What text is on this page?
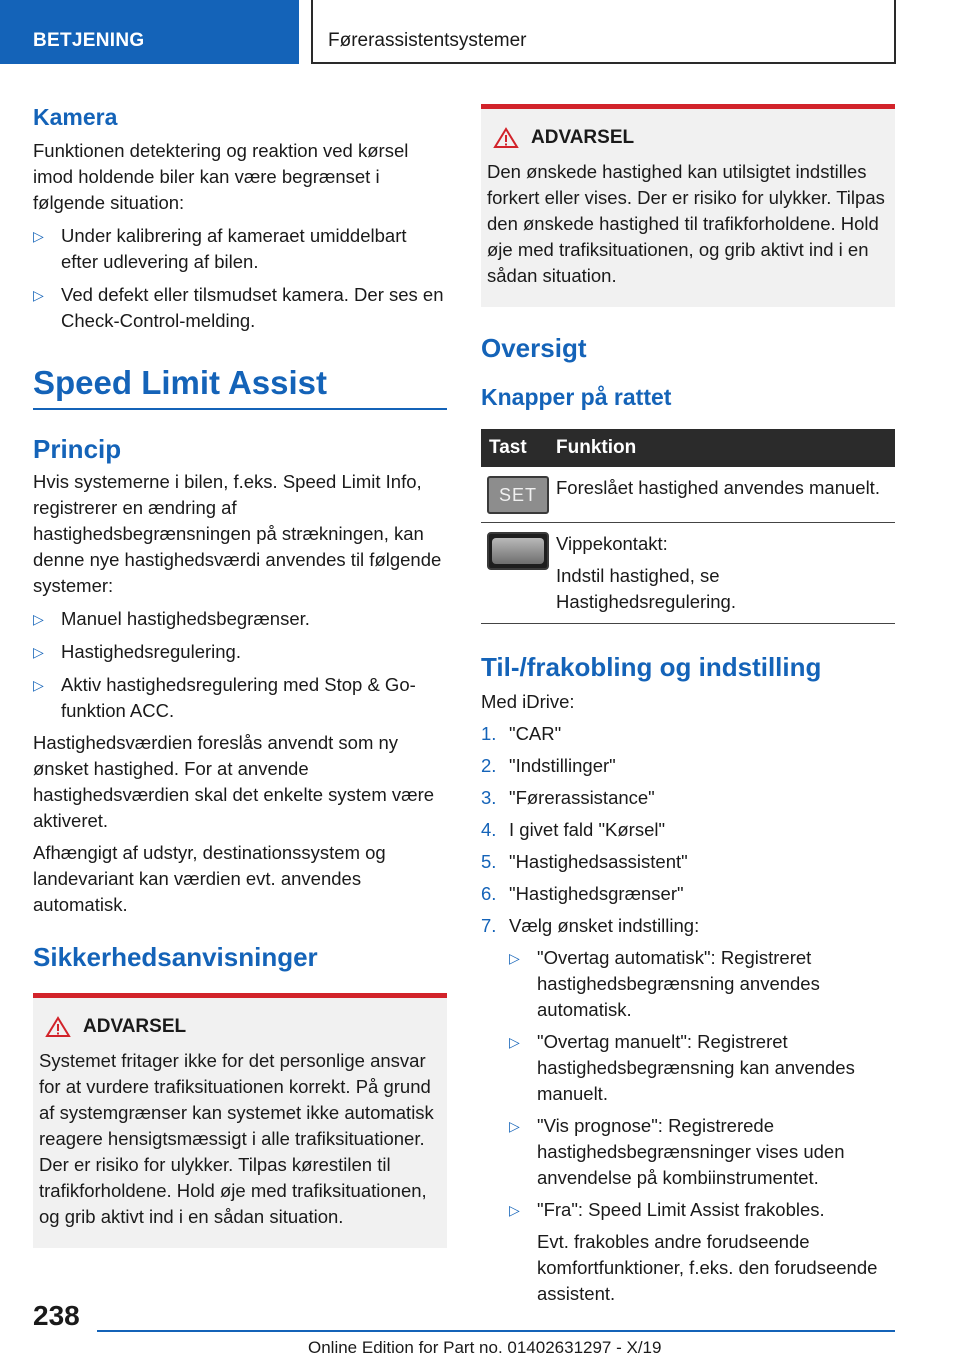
BETJENING	Førerassistentsystemer
Kamera
Funktionen detektering og reaktion ved kørsel imod holdende biler kan være begrænset i følgende situation:
▷ Under kalibrering af kameraet umiddelbart efter udlevering af bilen.
▷ Ved defekt eller tilsmudset kamera. Der ses en Check-Control-melding.
Speed Limit Assist
Princip
Hvis systemerne i bilen, f.eks. Speed Limit Info, registrerer en ændring af hastighedsbegrænsningen på strækningen, kan denne nye hastighedsværdi anvendes til følgende systemer:
▷ Manuel hastighedsbegrænser.
▷ Hastighedsregulering.
▷ Aktiv hastighedsregulering med Stop & Go-funktion ACC.
Hastighedsværdien foreslås anvendt som ny ønsket hastighed. For at anvende hastighedsværdien skal det enkelte system være aktiveret.
Afhængigt af udstyr, destinationssystem og landevariant kan værdien evt. anvendes automatisk.
Sikkerhedsanvisninger
ADVARSEL
Systemet fritager ikke for det personlige ansvar for at vurdere trafiksituationen korrekt. På grund af systemgrænser kan systemet ikke automatisk reagere hensigtsmæssigt i alle trafiksituationer. Der er risiko for ulykker. Tilpas kørestilen til trafikforholdene. Hold øje med trafiksituationen, og grib aktivt ind i en sådan situation.
ADVARSEL
Den ønskede hastighed kan utilsigtet indstilles forkert eller vises. Der er risiko for ulykker. Tilpas den ønskede hastighed til trafikforholdene. Hold øje med trafiksituationen, og grib aktivt ind i en sådan situation.
Oversigt
Knapper på rattet
Tast	Funktion

SET	Foreslået hastighed anvendes manuelt.

	Vippekontakt:
Indstil hastighed, se Hastighedsregulering.
Til-/frakobling og indstilling
Med iDrive:
1. "CAR"
2. "Indstillinger"
3. "Førerassistance"
4. I givet fald "Kørsel"
5. "Hastighedsassistent"
6. "Hastighedsgrænser"
7. Vælg ønsket indstilling:
▷ "Overtag automatisk": Registreret hastighedsbegrænsning anvendes automatisk.
▷ "Overtag manuelt": Registreret hastighedsbegrænsning kan anvendes manuelt.
▷ "Vis prognose": Registrerede hastighedsbegrænsninger vises uden anvendelse på kombiinstrumentet.
▷ "Fra": Speed Limit Assist frakobles.
Evt. frakobles andre forudseende komfortfunktioner, f.eks. den forudseende assistent.
238
Online Edition for Part no. 01402631297 - X/19
